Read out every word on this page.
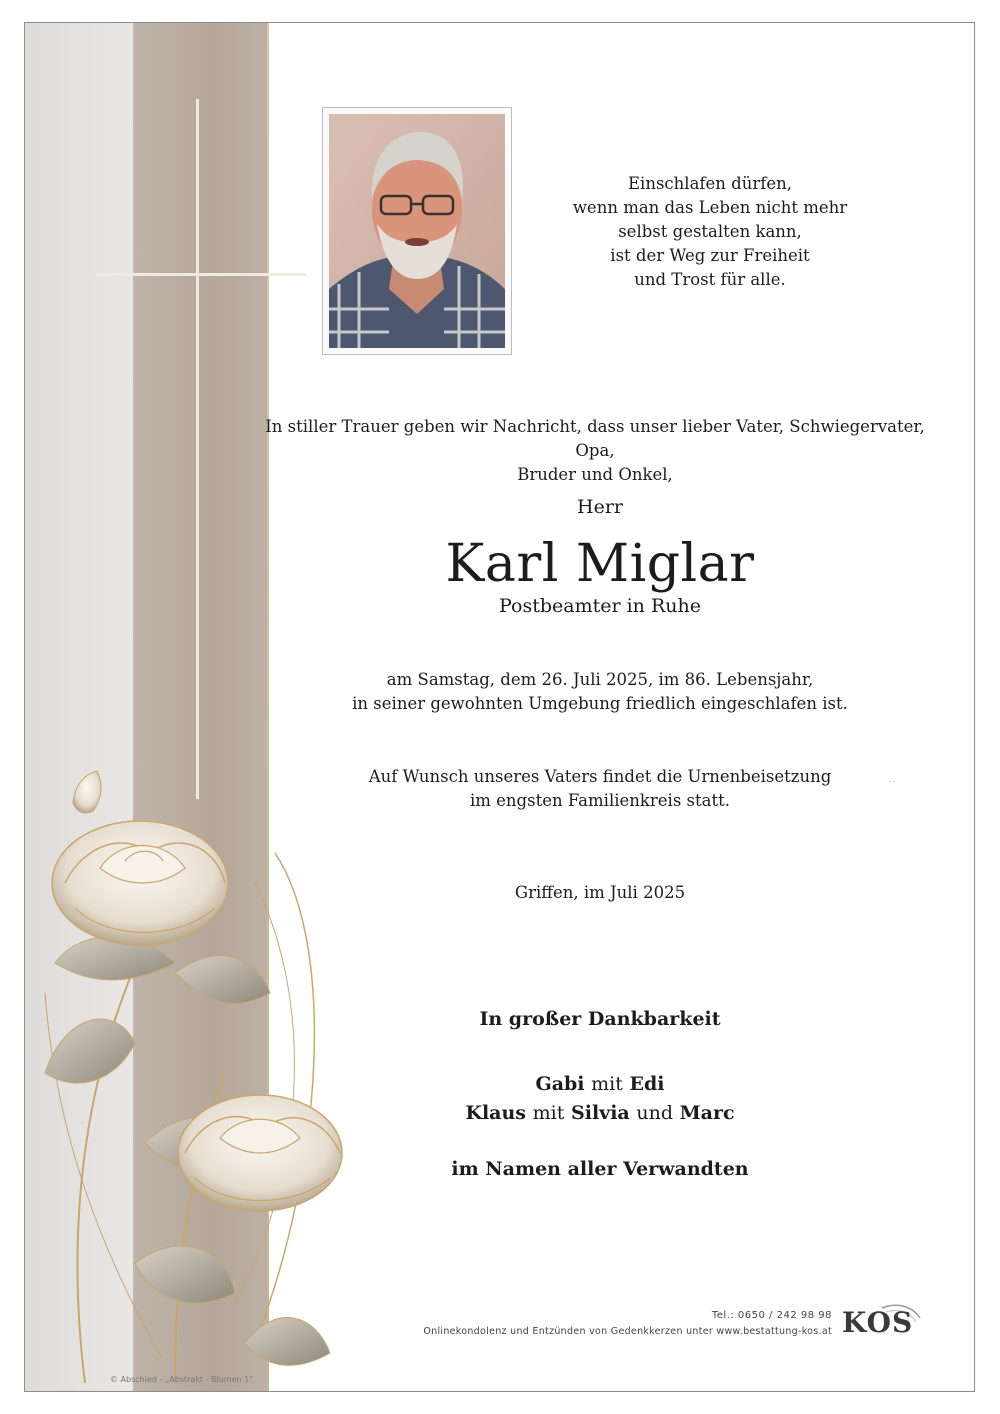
© Abschied - „Abstrakt - Blumen 1“
Einschlafen dürfen,
wenn man das Leben nicht mehr
selbst gestalten kann,
ist der Weg zur Freiheit
und Trost für alle.
In stiller Trauer geben wir Nachricht, dass unser lieber Vater, Schwiegervater, Opa,
Bruder und Onkel,
Herr
Karl Miglar
Postbeamter in Ruhe
am Samstag, dem 26. Juli 2025, im 86. Lebensjahr,
in seiner gewohnten Umgebung friedlich eingeschlafen ist.
Auf Wunsch unseres Vaters findet die Urnenbeisetzung
im engsten Familienkreis statt.
. .
Griffen, im Juli 2025
In großer Dankbarkeit
Gabi mit Edi
Klaus mit Silvia und Marc
im Namen aller Verwandten
Tel.: 0650 / 242 98 98
Onlinekondolenz und Entzünden von Gedenkkerzen unter www.bestattung-kos.at KOS
